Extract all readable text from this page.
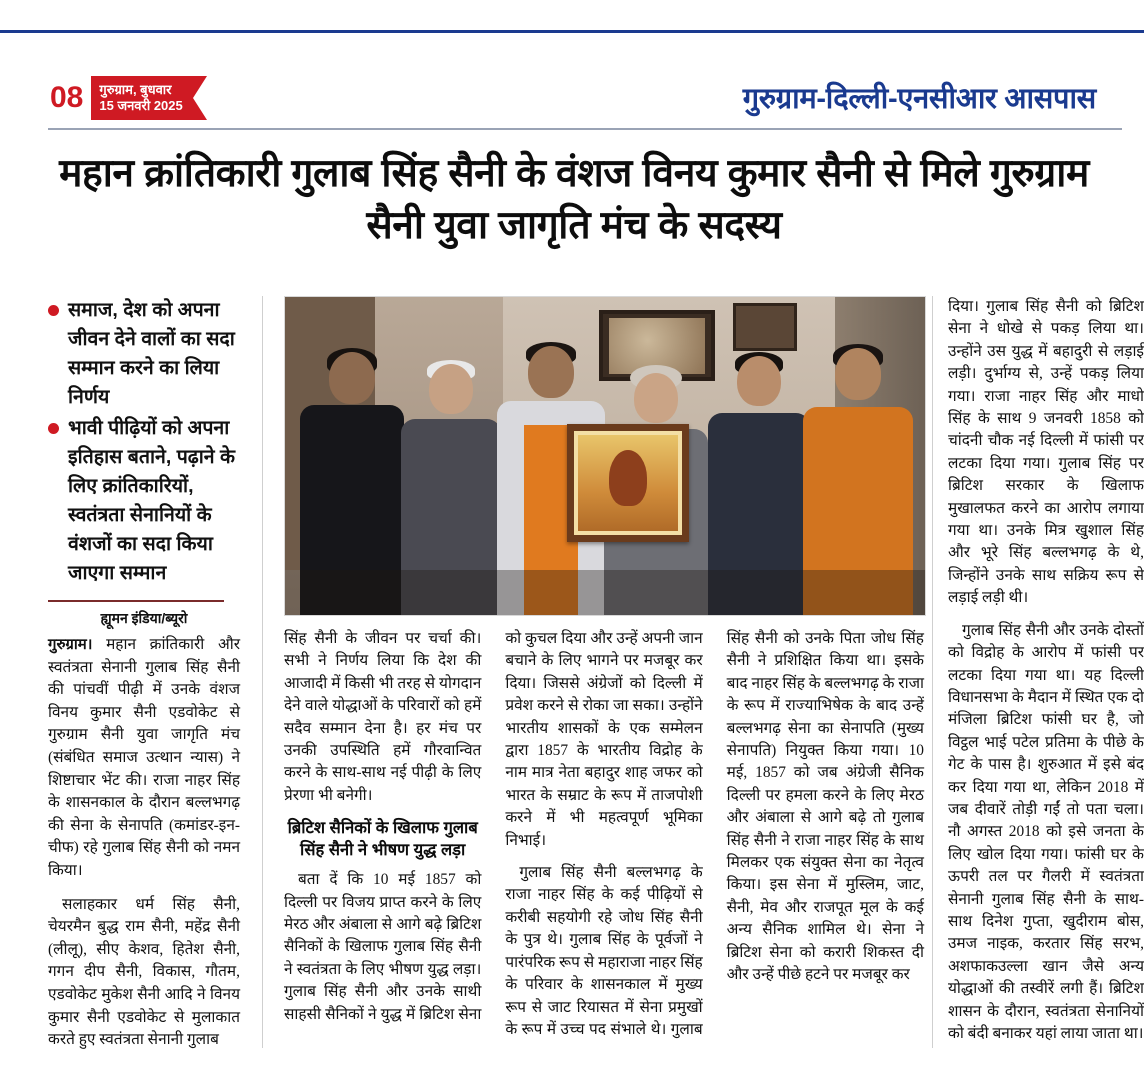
08	गुरुग्राम, बुधवार
15 जनवरी 2025	गुरुग्राम-दिल्ली-एनसीआर आसपास
महान क्रांतिकारी गुलाब सिंह सैनी के वंशज विनय कुमार सैनी से मिले गुरुग्राम सैनी युवा जागृति मंच के सदस्य
समाज, देश को अपना जीवन देने वालों का सदा सम्मान करने का लिया निर्णय
भावी पीढ़ियों को अपना इतिहास बताने, पढ़ाने के लिए क्रांतिकारियों, स्वतंत्रता सेनानियों के वंशजों का सदा किया जाएगा सम्मान
ह्यूमन इंडिया/ब्यूरो

गुरुग्राम। महान क्रांतिकारी और स्वतंत्रता सेनानी गुलाब सिंह सैनी की पांचवीं पीढ़ी में उनके वंशज विनय कुमार सैनी एडवोकेट से गुरुग्राम सैनी युवा जागृति मंच (संबंधित समाज उत्थान न्यास) ने शिष्टाचार भेंट की। राजा नाहर सिंह के शासनकाल के दौरान बल्लभगढ़ की सेना के सेनापति (कमांडर-इन-चीफ) रहे गुलाब सिंह सैनी को नमन किया।

सलाहकार धर्म सिंह सैनी, चेयरमैन बुद्ध राम सैनी, महेंद्र सैनी (लीलू), सीए केशव, हितेश सैनी, गगन दीप सैनी, विकास, गौतम, एडवोकेट मुकेश सैनी आदि ने विनय कुमार सैनी एडवोकेट से मुलाकात करते हुए स्वतंत्रता सेनानी गुलाब

सिंह सैनी के जीवन पर चर्चा की। सभी ने निर्णय लिया कि देश की आजादी में किसी भी तरह से योगदान देने वाले योद्धाओं के परिवारों को हमें सदैव सम्मान देना है। हर मंच पर उनकी उपस्थिति हमें गौरवान्वित करने के साथ-साथ नई पीढ़ी के लिए प्रेरणा भी बनेगी।

ब्रिटिश सैनिकों के खिलाफ गुलाब सिंह सैनी ने भीषण युद्ध लड़ा

बता दें कि 10 मई 1857 को दिल्ली पर विजय प्राप्त करने के लिए मेरठ और अंबाला से आगे बढ़े ब्रिटिश सैनिकों के खिलाफ गुलाब सिंह सैनी ने स्वतंत्रता के लिए भीषण युद्ध लड़ा। गुलाब सिंह सैनी और उनके साथी साहसी सैनिकों ने युद्ध में ब्रिटिश सेना को कुचल दिया और उन्हें अपनी जान बचाने के लिए भागने पर मजबूर कर दिया। जिससे अंग्रेजों को दिल्ली में प्रवेश करने से रोका जा सका। उन्होंने भारतीय शासकों के एक सम्मेलन द्वारा 1857 के भारतीय विद्रोह के नाम मात्र नेता बहादुर शाह जफर को भारत के सम्राट के रूप में ताजपोशी करने में भी महत्वपूर्ण भूमिका निभाई।

गुलाब सिंह सैनी बल्लभगढ़ के राजा नाहर सिंह के कई पीढ़ियों से करीबी सहयोगी रहे जोध सिंह सैनी के पुत्र थे। गुलाब सिंह के पूर्वजों ने पारंपरिक रूप से महाराजा नाहर सिंह के परिवार के शासनकाल में मुख्य रूप से जाट रियासत में सेना प्रमुखों के रूप में उच्च पद संभाले थे। गुलाब सिंह सैनी को उनके पिता जोध सिंह सैनी ने प्रशिक्षित किया था। इसके बाद नाहर सिंह के बल्लभगढ़ के राजा के रूप में राज्याभिषेक के बाद उन्हें बल्लभगढ़ सेना का सेनापति (मुख्य सेनापति) नियुक्त किया गया। 10 मई, 1857 को जब अंग्रेजी सैनिक दिल्ली पर हमला करने के लिए मेरठ और अंबाला से आगे बढ़े तो गुलाब सिंह सैनी ने राजा नाहर सिंह के साथ मिलकर एक संयुक्त सेना का नेतृत्व किया। इस सेना में मुस्लिम, जाट, सैनी, मेव और राजपूत मूल के कई अन्य सैनिक शामिल थे। सेना ने ब्रिटिश सेना को करारी शिकस्त दी और उन्हें पीछे हटने पर मजबूर कर

दिया। गुलाब सिंह सैनी को ब्रिटिश सेना ने धोखे से पकड़ लिया था। उन्होंने उस युद्ध में बहादुरी से लड़ाई लड़ी। दुर्भाग्य से, उन्हें पकड़ लिया गया। राजा नाहर सिंह और माधो सिंह के साथ 9 जनवरी 1858 को चांदनी चौक नई दिल्ली में फांसी पर लटका दिया गया। गुलाब सिंह पर ब्रिटिश सरकार के खिलाफ मुखालफत करने का आरोप लगाया गया था। उनके मित्र खुशाल सिंह और भूरे सिंह बल्लभगढ़ के थे, जिन्होंने उनके साथ सक्रिय रूप से लड़ाई लड़ी थी।

गुलाब सिंह सैनी और उनके दोस्तों को विद्रोह के आरोप में फांसी पर लटका दिया गया था। यह दिल्ली विधानसभा के मैदान में स्थित एक दो मंजिला ब्रिटिश फांसी घर है, जो विट्ठल भाई पटेल प्रतिमा के पीछे के गेट के पास है। शुरुआत में इसे बंद कर दिया गया था, लेकिन 2018 में जब दीवारें तोड़ी गईं तो पता चला। नौ अगस्त 2018 को इसे जनता के लिए खोल दिया गया। फांसी घर के ऊपरी तल पर गैलरी में स्वतंत्रता सेनानी गुलाब सिंह सैनी के साथ-साथ दिनेश गुप्ता, खुदीराम बोस, उमज नाइक, करतार सिंह सरभ, अशफाकउल्ला खान जैसे अन्य योद्धाओं की तस्वीरें लगी हैं। ब्रिटिश शासन के दौरान, स्वतंत्रता सेनानियों को बंदी बनाकर यहां लाया जाता था।
